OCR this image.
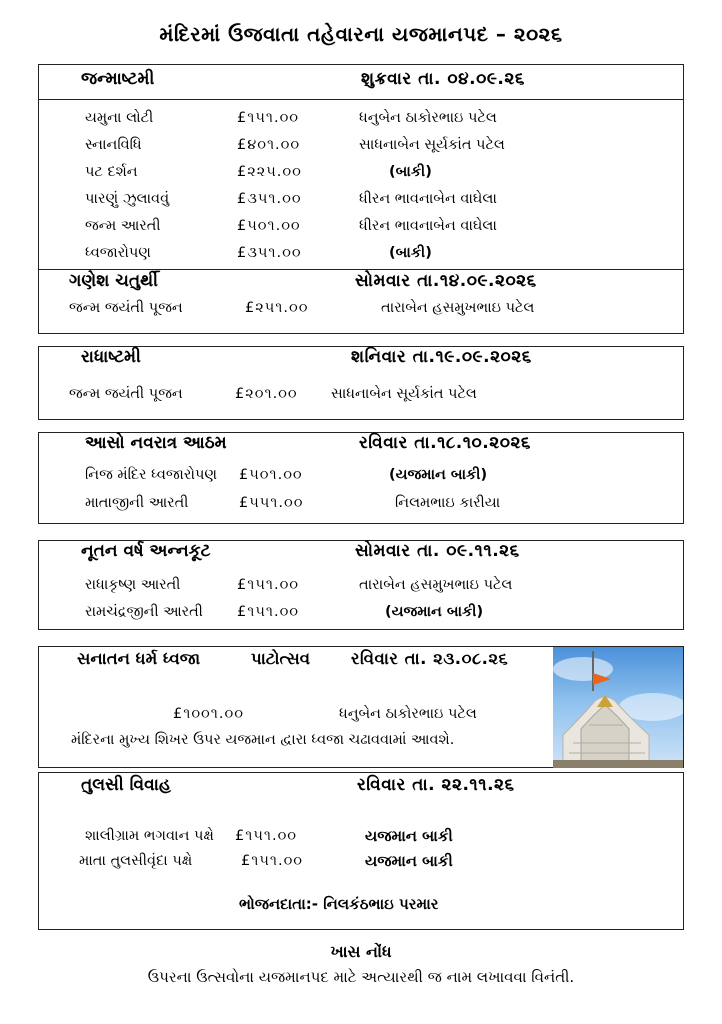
મંદિરમાં ઉજવાતા તહેવારના યજમાનપદ – ૨૦૨૬
જન્માષ્ટમી	શુક્રવાર તા. ૦૪.૦૯.૨૬
યમુના લોટી	£૧૫૧.૦૦	ધનુબેન ઠાકોરભાઇ પટેલ
સ્નાનવિધિ	£૪૦૧.૦૦	સાધનાબેન સૂર્યકાંત પટેલ
પટ દર્શન	£૨૨૫.૦૦	(બાકી)
પારણું ઝુલાવવું	£૩૫૧.૦૦	ધીરન ભાવનાબેન વાઘેલા
જન્મ આરતી	£૫૦૧.૦૦	ધીરન ભાવનાબેન વાઘેલા
ધ્વજારોપણ	£૩૫૧.૦૦	(બાકી)
ગણેશ ચતુર્થી	સોમવાર તા.૧૪.૦૯.૨૦૨૬
જન્મ જયંતી પૂજન	£૨૫૧.૦૦	તારાબેન હસમુખભાઇ પટેલ
રાધાષ્ટમી	શનિવાર તા.૧૯.૦૯.૨૦૨૬
જન્મ જયંતી પૂજન	£૨૦૧.૦૦ સાધનાબેન સૂર્યકાંત પટેલ
આસો નવરાત્ર આઠમ	રવિવાર તા.૧૮.૧૦.૨૦૨૬
નિજ મંદિર ધ્વજારોપણ £૫૦૧.૦૦	(યજમાન બાકી)
માતાજીની આરતી	£૫૫૧.૦૦	નિલમભાઇ કારીયા
નૂતન વર્ષ અન્નકૂટ	સોમવાર તા. ૦૯.૧૧.૨૬
રાધાકૃષ્ણ આરતી	£૧૫૧.૦૦	તારાબેન હસમુખભાઇ પટેલ
રામચંદ્રજીની આરતી £૧૫૧.૦૦	(યજમાન બાકી)
સનાતન ધર્મ ધ્વજા	પાટોત્સવ રવિવાર તા. ૨૩.૦૮.૨૬
£૧૦૦૧.૦૦	ધનુબેન ઠાકોરભાઇ પટેલ
મંદિરના મુખ્ય શિખર ઉપર યજમાન દ્વારા ધ્વજા ચઢાવવામાં આવશે.
તુલસી વિવાહ	રવિવાર તા. ૨૨.૧૧.૨૬
શાલીગ્રામ ભગવાન પક્ષે £૧૫૧.૦૦	યજમાન બાકી
માતા તુલસીવૃંદા પક્ષે	£૧૫૧.૦૦	યજમાન બાકી
ભોજનદાતા:- નિલકંઠભાઇ પરમાર
ખાસ નોંધ
ઉપરના ઉત્સવોના યજમાનપદ માટે અત્યારથી જ નામ લખાવવા વિનંતી.
